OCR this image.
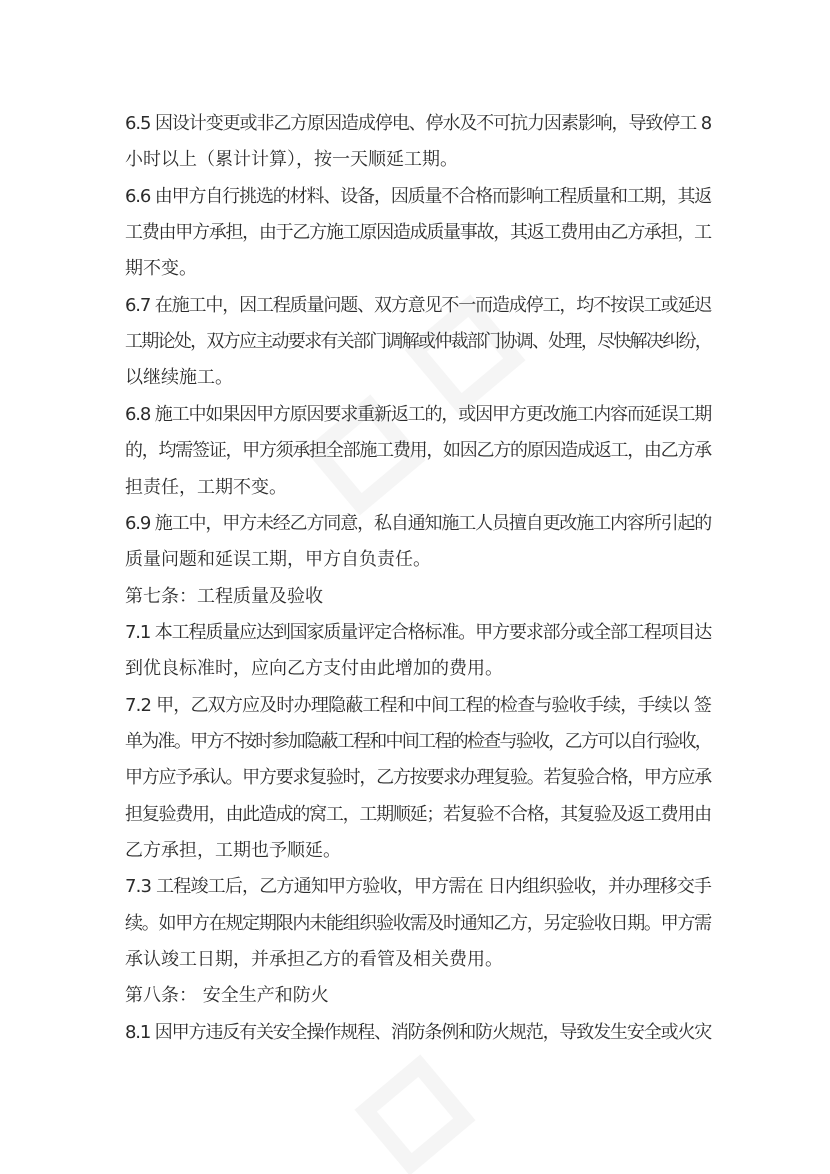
6.5 因设计变更或非乙方原因造成停电、停水及不可抗力因素影响，导致停工 8
小时以上（累计计算），按一天顺延工期。
6.6 由甲方自行挑选的材料、设备，因质量不合格而影响工程质量和工期，其返
工费由甲方承担，由于乙方施工原因造成质量事故，其返工费用由乙方承担，工
期不变。
6.7 在施工中，因工程质量问题、双方意见不一而造成停工，均不按误工或延迟
工期论处，双方应主动要求有关部门调解或仲裁部门协调、处理，尽快解决纠纷，
以继续施工。
6.8 施工中如果因甲方原因要求重新返工的，或因甲方更改施工内容而延误工期
的，均需签证，甲方须承担全部施工费用，如因乙方的原因造成返工，由乙方承
担责任，工期不变。
6.9 施工中，甲方未经乙方同意，私自通知施工人员擅自更改施工内容所引起的
质量问题和延误工期，甲方自负责任。
第七条：工程质量及验收
7.1 本工程质量应达到国家质量评定合格标准。甲方要求部分或全部工程项目达
到优良标准时，应向乙方支付由此增加的费用。
7.2 甲，乙双方应及时办理隐蔽工程和中间工程的检查与验收手续，手续以 签
单为准。甲方不按时参加隐蔽工程和中间工程的检查与验收，乙方可以自行验收，
甲方应予承认。甲方要求复验时，乙方按要求办理复验。若复验合格，甲方应承
担复验费用，由此造成的窝工，工期顺延；若复验不合格，其复验及返工费用由
乙方承担，工期也予顺延。
7.3 工程竣工后，乙方通知甲方验收，甲方需在 日内组织验收，并办理移交手
续。如甲方在规定期限内未能组织验收需及时通知乙方，另定验收日期。甲方需
承认竣工日期，并承担乙方的看管及相关费用。
第八条： 安全生产和防火
8.1 因甲方违反有关安全操作规程、消防条例和防火规范，导致发生安全或火灾
